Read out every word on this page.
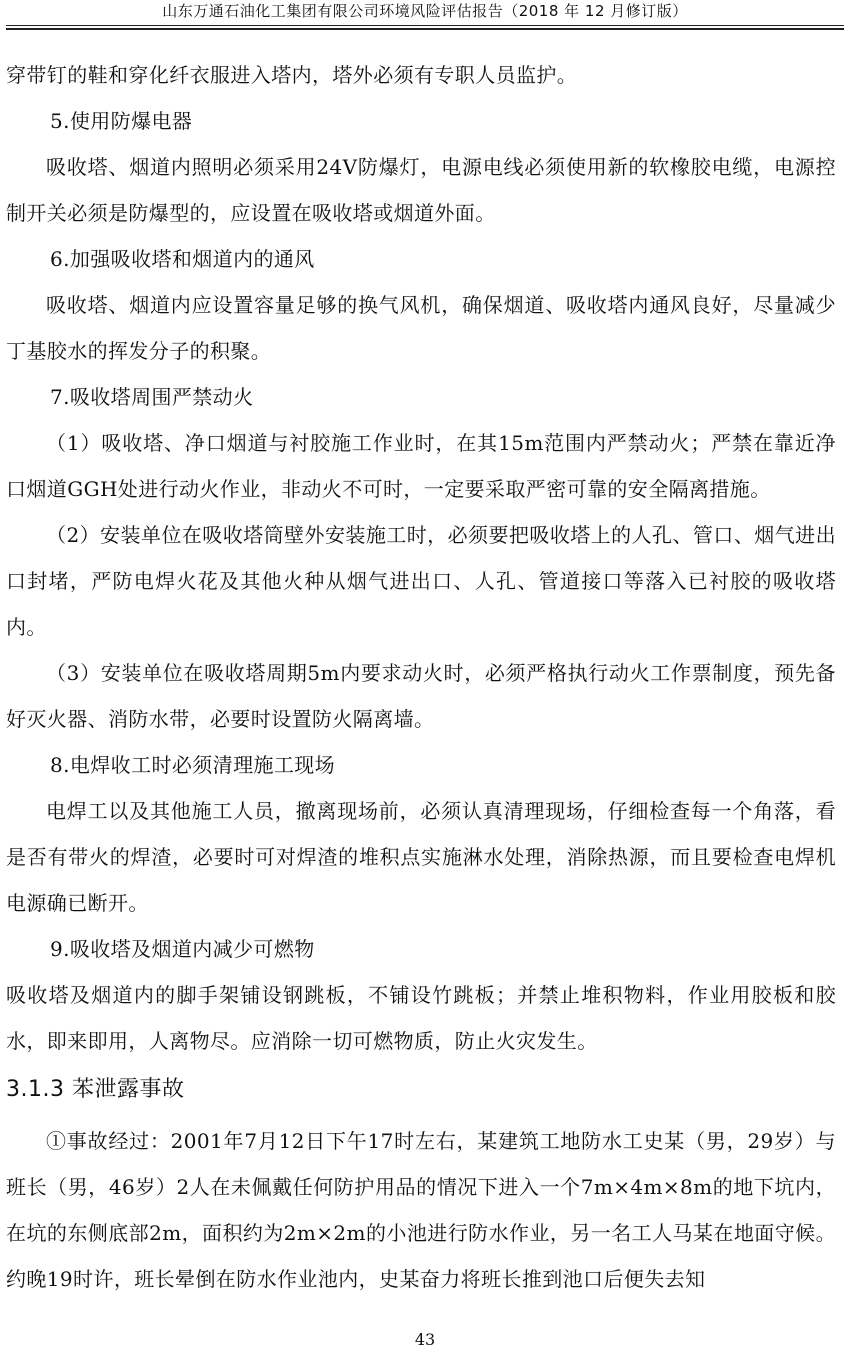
山东万通石油化工集团有限公司环境风险评估报告（2018 年 12 月修订版）

穿带钉的鞋和穿化纤衣服进入塔内，塔外必须有专职人员监护。

5.使用防爆电器

吸收塔、烟道内照明必须采用24V防爆灯，电源电线必须使用新的软橡胶电缆，电源控制开关必须是防爆型的，应设置在吸收塔或烟道外面。

6.加强吸收塔和烟道内的通风

吸收塔、烟道内应设置容量足够的换气风机，确保烟道、吸收塔内通风良好，尽量减少丁基胶水的挥发分子的积聚。

7.吸收塔周围严禁动火

（1）吸收塔、净口烟道与衬胶施工作业时，在其15m范围内严禁动火；严禁在靠近净口烟道GGH处进行动火作业，非动火不可时，一定要采取严密可靠的安全隔离措施。

（2）安装单位在吸收塔筒壁外安装施工时，必须要把吸收塔上的人孔、管口、烟气进出口封堵，严防电焊火花及其他火种从烟气进出口、人孔、管道接口等落入已衬胶的吸收塔内。

（3）安装单位在吸收塔周期5m内要求动火时，必须严格执行动火工作票制度，预先备好灭火器、消防水带，必要时设置防火隔离墙。

8.电焊收工时必须清理施工现场

电焊工以及其他施工人员，撤离现场前，必须认真清理现场，仔细检查每一个角落，看是否有带火的焊渣，必要时可对焊渣的堆积点实施淋水处理，消除热源，而且要检查电焊机电源确已断开。

9.吸收塔及烟道内减少可燃物

吸收塔及烟道内的脚手架铺设钢跳板，不铺设竹跳板；并禁止堆积物料，作业用胶板和胶水，即来即用，人离物尽。应消除一切可燃物质，防止火灾发生。

3.1.3 苯泄露事故

①事故经过：2001年7月12日下午17时左右，某建筑工地防水工史某（男，29岁）与班长（男，46岁）2人在未佩戴任何防护用品的情况下进入一个7m×4m×8m的地下坑内，在坑的东侧底部2m，面积约为2m×2m的小池进行防水作业，另一名工人马某在地面守候。约晚19时许，班长晕倒在防水作业池内，史某奋力将班长推到池口后便失去知

43
